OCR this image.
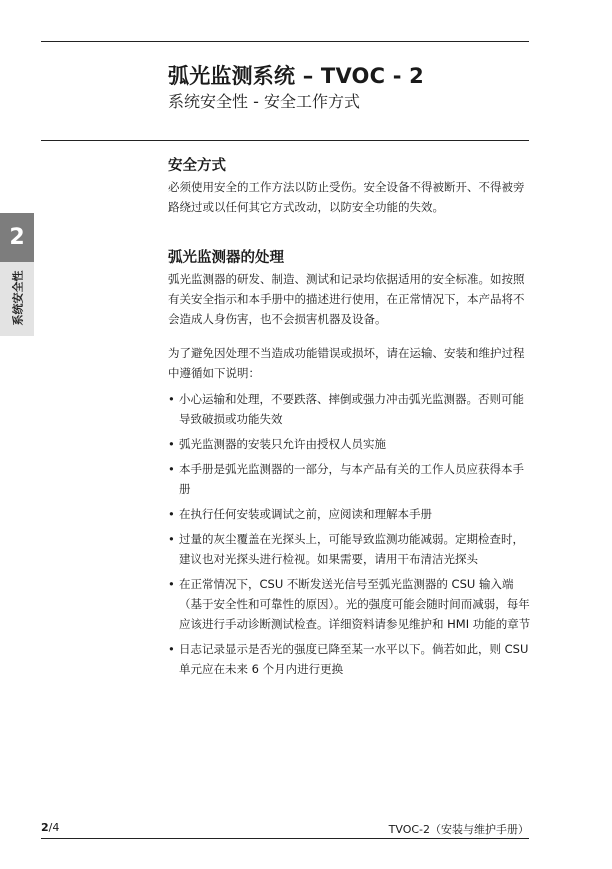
弧光监测系统 – TVOC - 2
系统安全性 - 安全工作方式
2
系统安全性

安全方式

必须使用安全的工作方法以防止受伤。安全设备不得被断开、不得被旁路绕过或以任何其它方式改动，以防安全功能的失效。

弧光监测器的处理

弧光监测器的研发、制造、测试和记录均依据适用的安全标准。如按照有关安全指示和本手册中的描述进行使用，在正常情况下，本产品将不会造成人身伤害，也不会损害机器及设备。

为了避免因处理不当造成功能错误或损坏，请在运输、安装和维护过程中遵循如下说明：

• 小心运输和处理，不要跌落、摔倒或强力冲击弧光监测器。否则可能导致破损或功能失效
• 弧光监测器的安装只允许由授权人员实施
• 本手册是弧光监测器的一部分，与本产品有关的工作人员应获得本手册
• 在执行任何安装或调试之前，应阅读和理解本手册
• 过量的灰尘覆盖在光探头上，可能导致监测功能减弱。定期检查时，建议也对光探头进行检视。如果需要，请用干布清洁光探头
• 在正常情况下，CSU 不断发送光信号至弧光监测器的 CSU 输入端（基于安全性和可靠性的原因）。光的强度可能会随时间而减弱，每年应该进行手动诊断测试检查。详细资料请参见维护和 HMI 功能的章节
• 日志记录显示是否光的强度已降至某一水平以下。倘若如此，则 CSU 单元应在未来 6 个月内进行更换
2/4	TVOC-2（安装与维护手册）
